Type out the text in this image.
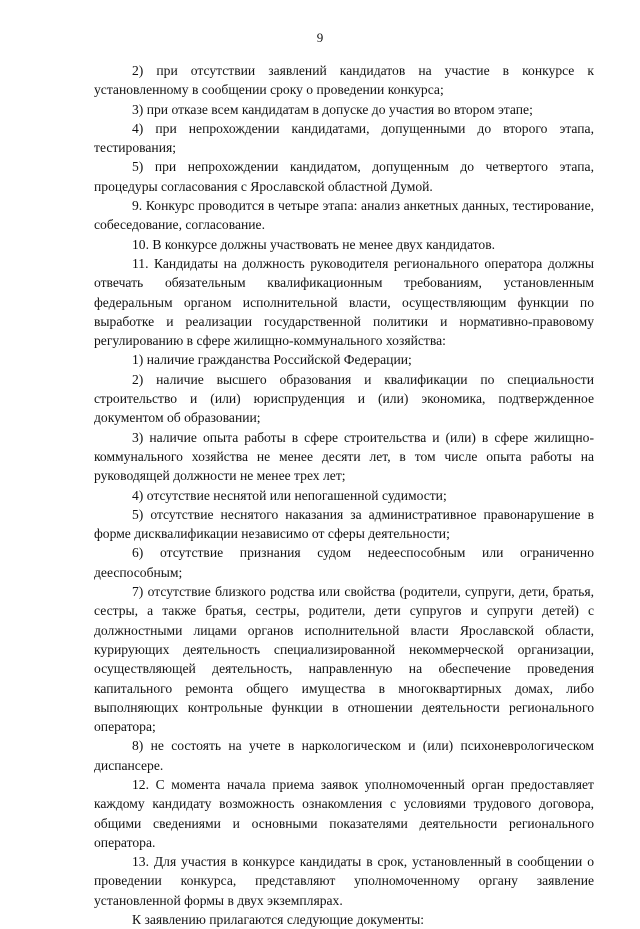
9

2) при отсутствии заявлений кандидатов на участие в конкурсе к установленному в сообщении сроку о проведении конкурса;

3) при отказе всем кандидатам в допуске до участия во втором этапе;

4) при непрохождении кандидатами, допущенными до второго этапа, тестирования;

5) при непрохождении кандидатом, допущенным до четвертого этапа, процедуры согласования с Ярославской областной Думой.

9. Конкурс проводится в четыре этапа: анализ анкетных данных, тестирование, собеседование, согласование.

10. В конкурсе должны участвовать не менее двух кандидатов.

11. Кандидаты на должность руководителя регионального оператора должны отвечать обязательным квалификационным требованиям, установленным федеральным органом исполнительной власти, осуществляющим функции по выработке и реализации государственной политики и нормативно-правовому регулированию в сфере жилищно-коммунального хозяйства:

1) наличие гражданства Российской Федерации;

2) наличие высшего образования и квалификации по специальности строительство и (или) юриспруденция и (или) экономика, подтвержденное документом об образовании;

3) наличие опыта работы в сфере строительства и (или) в сфере жилищно-коммунального хозяйства не менее десяти лет, в том числе опыта работы на руководящей должности не менее трех лет;

4) отсутствие неснятой или непогашенной судимости;

5) отсутствие неснятого наказания за административное правонарушение в форме дисквалификации независимо от сферы деятельности;

6) отсутствие признания судом недееспособным или ограниченно дееспособным;

7) отсутствие близкого родства или свойства (родители, супруги, дети, братья, сестры, а также братья, сестры, родители, дети супругов и супруги детей) с должностными лицами органов исполнительной власти Ярославской области, курирующих деятельность специализированной некоммерческой организации, осуществляющей деятельность, направленную на обеспечение проведения капитального ремонта общего имущества в многоквартирных домах, либо выполняющих контрольные функции в отношении деятельности регионального оператора;

8) не состоять на учете в наркологическом и (или) психоневрологическом диспансере.

12. С момента начала приема заявок уполномоченный орган предоставляет каждому кандидату возможность ознакомления с условиями трудового договора, общими сведениями и основными показателями деятельности регионального оператора.

13. Для участия в конкурсе кандидаты в срок, установленный в сообщении о проведении конкурса, представляют уполномоченному органу заявление установленной формы в двух экземплярах.

К заявлению прилагаются следующие документы:
